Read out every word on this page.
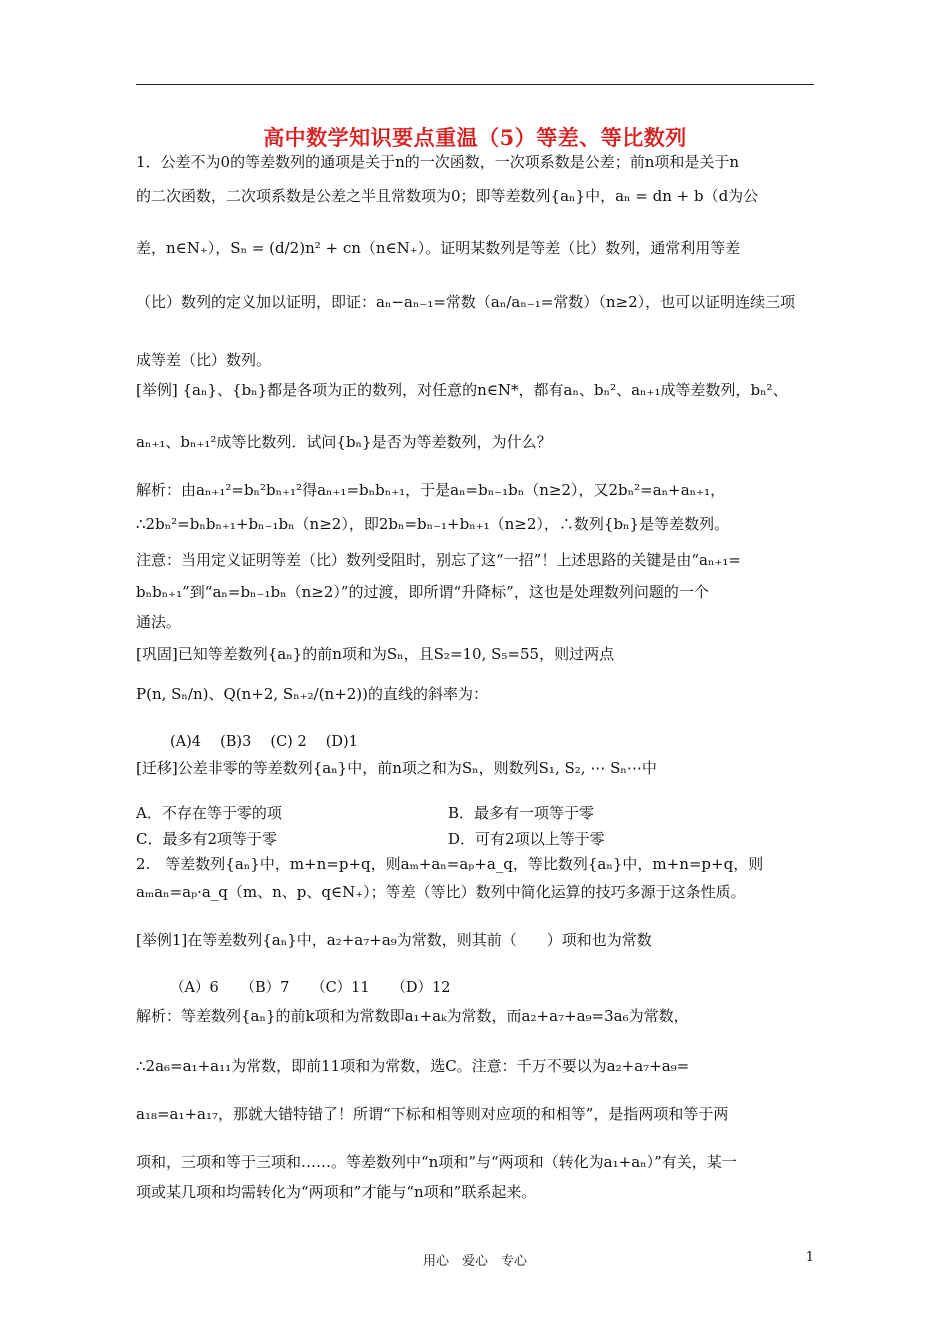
高中数学知识要点重温（5）等差、等比数列
1．公差不为0的等差数列的通项是关于n的一次函数，一次项系数是公差；前n项和是关于n
的二次函数，二次项系数是公差之半且常数项为0；即等差数列{aₙ}中，aₙ = dn + b（d为公
差，n∈N₊），Sₙ = (d/2)n² + cn（n∈N₊）。证明某数列是等差（比）数列，通常利用等差
（比）数列的定义加以证明，即证：aₙ−aₙ₋₁=常数（aₙ/aₙ₋₁=常数）（n≥2），也可以证明连续三项
成等差（比）数列。
[举例] {aₙ}、{bₙ}都是各项为正的数列，对任意的n∈N*，都有aₙ、bₙ²、aₙ₊₁成等差数列，bₙ²、
aₙ₊₁、bₙ₊₁²成等比数列．试问{bₙ}是否为等差数列，为什么？
解析：由aₙ₊₁²=bₙ²bₙ₊₁²得aₙ₊₁=bₙbₙ₊₁，于是aₙ=bₙ₋₁bₙ（n≥2），又2bₙ²=aₙ+aₙ₊₁，
∴2bₙ²=bₙbₙ₊₁+bₙ₋₁bₙ（n≥2），即2bₙ=bₙ₋₁+bₙ₊₁（n≥2），∴数列{bₙ}是等差数列。
注意：当用定义证明等差（比）数列受阻时，别忘了这“一招”！上述思路的关键是由“aₙ₊₁=
bₙbₙ₊₁”到“aₙ=bₙ₋₁bₙ（n≥2）”的过渡，即所谓“升降标”，这也是处理数列问题的一个
通法。
[巩固]已知等差数列{aₙ}的前n项和为Sₙ，且S₂=10, S₅=55，则过两点
P(n, Sₙ/n)、Q(n+2, Sₙ₊₂/(n+2))的直线的斜率为：
(A)4　 (B)3　 (C) 2　 (D)1
[迁移]公差非零的等差数列{aₙ}中，前n项之和为Sₙ，则数列S₁, S₂, ⋯ Sₙ⋯中
A．不存在等于零的项	B．最多有一项等于零
C．最多有2项等于零	D．可有2项以上等于零
2.　等差数列{aₙ}中，m+n=p+q，则aₘ+aₙ=aₚ+a_q，等比数列{aₙ}中，m+n=p+q，则
aₘaₙ=aₚ·a_q（m、n、p、q∈N₊）；等差（等比）数列中简化运算的技巧多源于这条性质。
[举例1]在等差数列{aₙ}中，a₂+a₇+a₉为常数，则其前（　　）项和也为常数
（A）6　　（B）7　　（C）11　　（D）12
解析：等差数列{aₙ}的前k项和为常数即a₁+aₖ为常数，而a₂+a₇+a₉=3a₆为常数，
∴2a₆=a₁+a₁₁为常数，即前11项和为常数，选C。注意：千万不要以为a₂+a₇+a₉=
a₁₈=a₁+a₁₇，那就大错特错了！所谓“下标和相等则对应项的和相等”，是指两项和等于两
项和，三项和等于三项和……。等差数列中“n项和”与“两项和（转化为a₁+aₙ）”有关，某一
项或某几项和均需转化为“两项和”才能与“n项和”联系起来。
用心　爱心　专心	1
